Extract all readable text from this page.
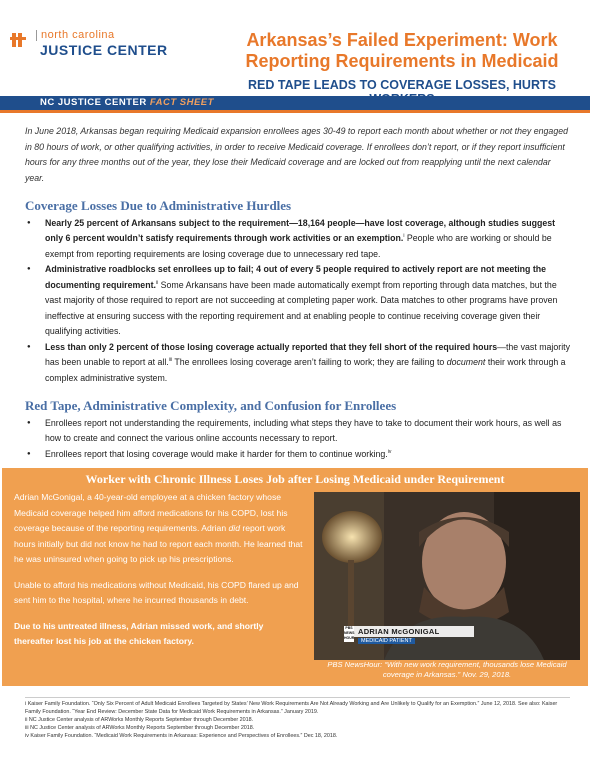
north carolina
JUSTICE CENTER	Arkansas’s Failed Experiment: Work Reporting Requirements in Medicaid
RED TAPE LEADS TO COVERAGE LOSSES, HURTS
NC JUSTICE CENTER FACT SHEET

In June 2018, Arkansas began requiring Medicaid expansion enrollees ages 30-49 to report each month about whether or not they engaged in 80 hours of work, or other qualifying activities, in order to receive Medicaid coverage. If enrollees don’t report, or if they report insufficient hours for any three months out of the year, they lose their Medicaid coverage and are locked out from reapplying until the next calendar year.

Coverage Losses Due to Administrative Hurdles
● Nearly 25 percent of Arkansans subject to the requirement—18,164 people—have lost coverage, although studies suggest only 6 percent wouldn’t satisfy requirements through work activities or an exemption.$^i$ People who are working or should be exempt from reporting requirements are losing coverage due to unnecessary red tape.
● Administrative roadblocks set enrollees up to fail; 4 out of every 5 people required to actively report are not meeting the documenting requirement.$^{ii}$ Some Arkansans have been made automatically exempt from reporting through data matches, but the vast majority of those required to report are not succeeding at completing paper work. Data matches to other programs have proven ineffective at ensuring success with the reporting requirement and at enabling people to continue receiving coverage given their qualifying activities.
● Less than only 2 percent of those losing coverage actually reported that they fell short of the required hours—the vast majority has been unable to report at all.$^{iii}$ The enrollees losing coverage aren’t failing to work; they are failing to document their work through a complex administrative system.
Red Tape, Administrative Complexity, and Confusion for Enrollees
● Enrollees report not understanding the requirements, including what steps they have to take to document their work hours, as well as how to create and connect the various online accounts necessary to report.
● Enrollees report that losing coverage would make it harder for them to continue working.$^{iv}$
Worker with Chronic Illness Loses Job after Losing Medicaid under Requirement

Adrian McGonigal, a 40-year-old employee at a chicken factory whose Medicaid coverage helped him afford medications for his COPD, lost his coverage because of the reporting requirements. Adrian did report work hours initially but did not know he had to report each month. He learned that he was uninsured when going to pick up his prescriptions.

Unable to afford his medications without Medicaid, his COPD flared up and sent him to the hospital, where he incurred thousands in debt.

Due to his untreated illness, Adrian missed work, and shortly thereafter lost his job at the chicken factory.

PBS NEWS HOUR
ADRIAN McGONIGAL
MEDICAID PATIENT
PBS NewsHour: “With new work requirement, thousands lose Medicaid coverage in Arkansas.” Nov. 29, 2018.
i Kaiser Family Foundation. “Only Six Percent of Adult Medicaid Enrollees Targeted by States’ New Work Requirements Are Not Already Working and Are Unlikely to Qualify for an Exemption.” June 12, 2018. See also: Kaiser Family Foundation. “Year End Review: December State Data for Medicaid Work Requirements in Arkansas.” January 2019.
ii NC Justice Center analysis of ARWorks Monthly Reports September through December 2018.
iii NC Justice Center analysis of ARWorks Monthly Reports September through December 2018.
iv Kaiser Family Foundation. “Medicaid Work Requirements in Arkansas: Experience and Perspectives of Enrollees.” Dec 18, 2018.
